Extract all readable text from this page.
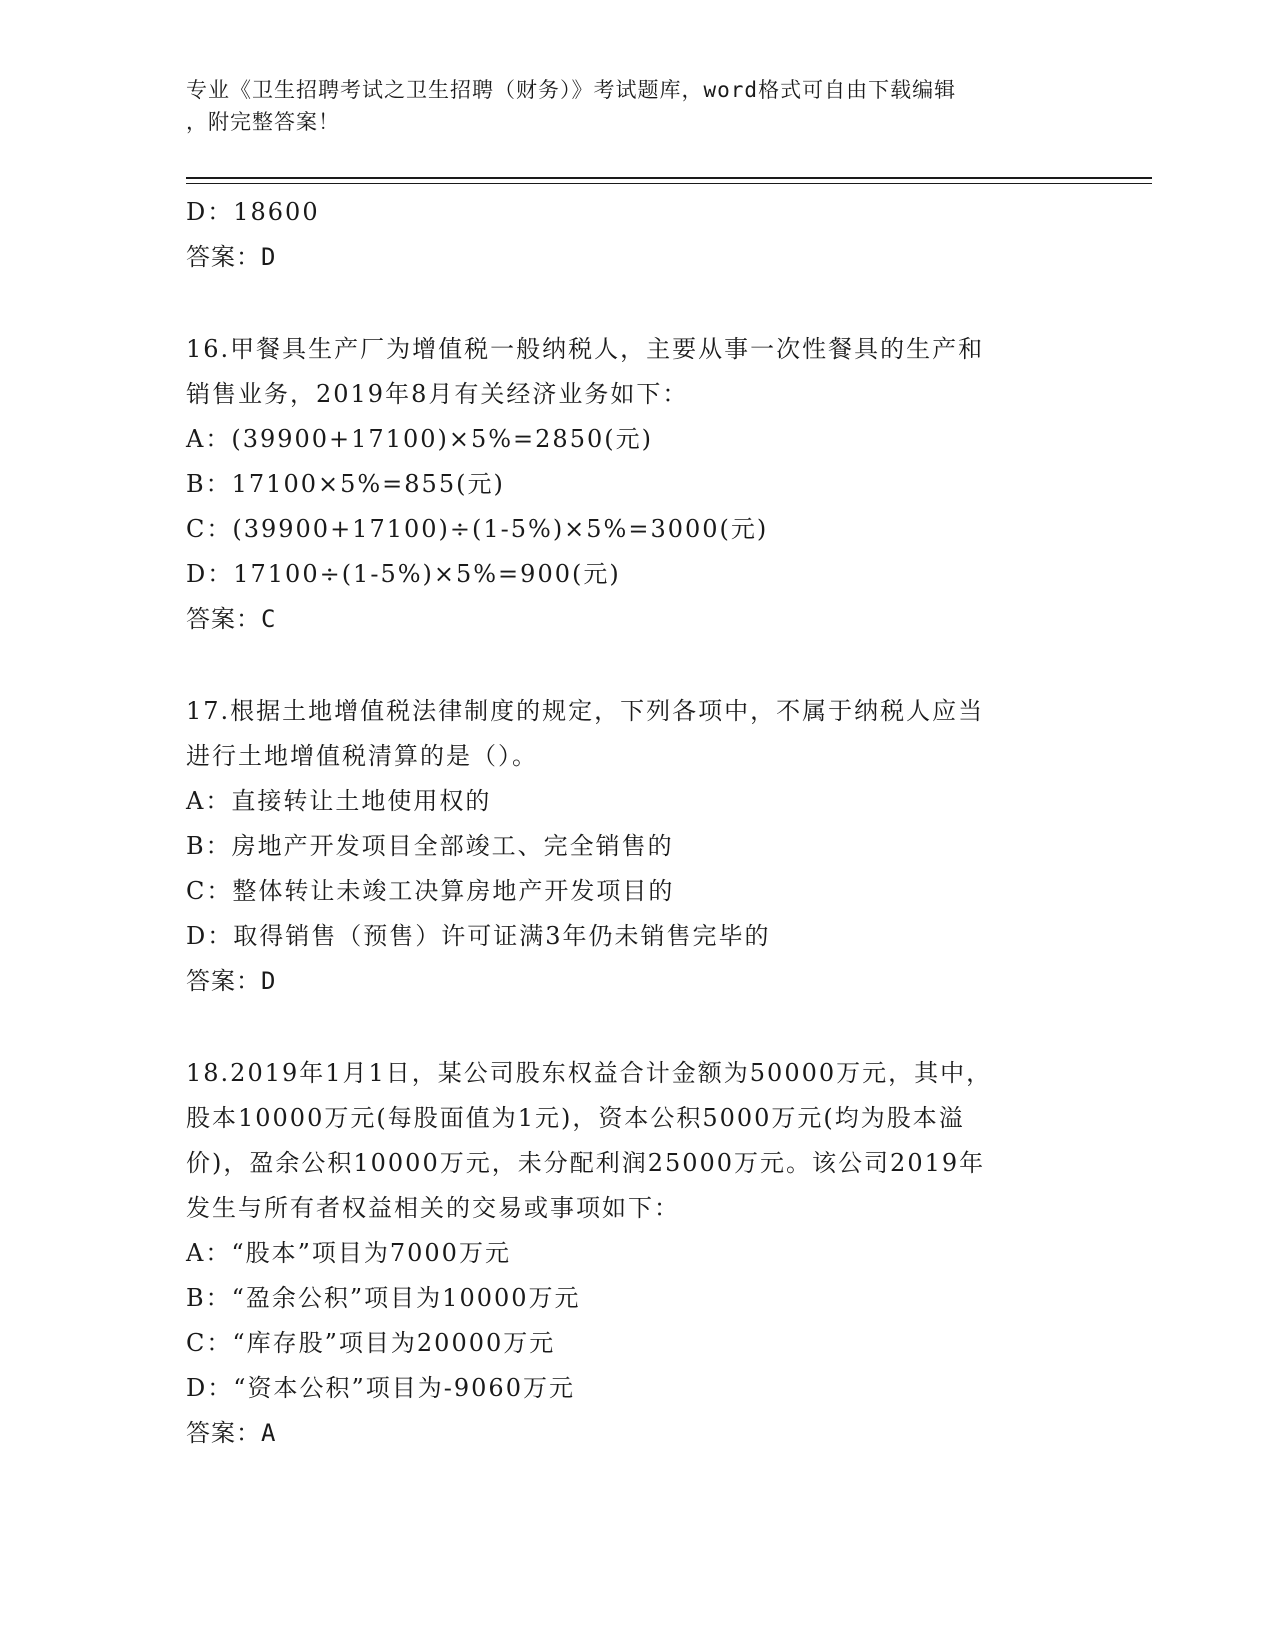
专业《卫生招聘考试之卫生招聘（财务）》考试题库，word格式可自由下载编辑
，附完整答案！
D：18600
答案：D
16.甲餐具生产厂为增值税一般纳税人，主要从事一次性餐具的生产和
销售业务，2019年8月有关经济业务如下：
A：(39900+17100)×5%=2850(元)
B：17100×5%=855(元)
C：(39900+17100)÷(1-5%)×5%=3000(元)
D：17100÷(1-5%)×5%=900(元)
答案：C
17.根据土地增值税法律制度的规定，下列各项中，不属于纳税人应当
进行土地增值税清算的是（）。
A：直接转让土地使用权的
B：房地产开发项目全部竣工、完全销售的
C：整体转让未竣工决算房地产开发项目的
D：取得销售（预售）许可证满3年仍未销售完毕的
答案：D
18.2019年1月1日，某公司股东权益合计金额为50000万元，其中，
股本10000万元(每股面值为1元)，资本公积5000万元(均为股本溢
价)，盈余公积10000万元，未分配利润25000万元。该公司2019年
发生与所有者权益相关的交易或事项如下：
A：“股本”项目为7000万元
B：“盈余公积”项目为10000万元
C：“库存股”项目为20000万元
D：“资本公积”项目为-9060万元
答案：A
